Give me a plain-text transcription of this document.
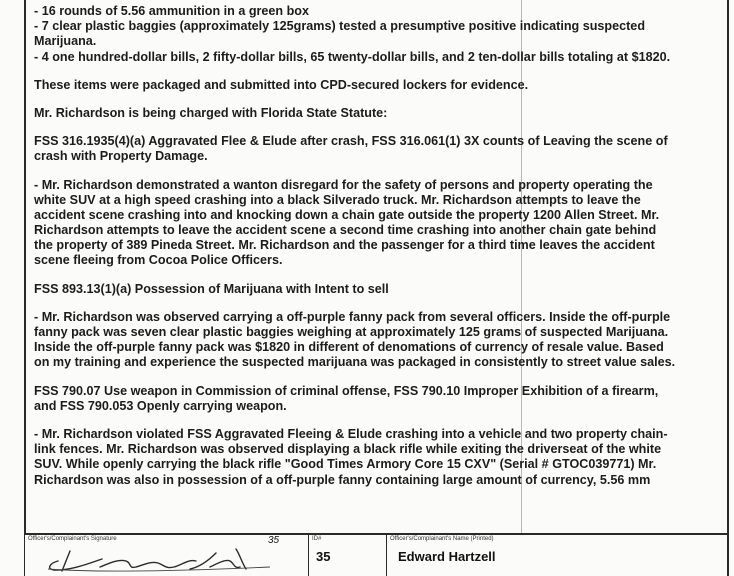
- 16 rounds of 5.56 ammunition in a green box
- 7 clear plastic baggies (approximately 125grams) tested a presumptive positive indicating suspected
Marijuana.
- 4 one hundred-dollar bills, 2 fifty-dollar bills, 65 twenty-dollar bills, and 2 ten-dollar bills totaling at $1820.
These items were packaged and submitted into CPD-secured lockers for evidence.
Mr. Richardson is being charged with Florida State Statute:
FSS 316.1935(4)(a) Aggravated Flee & Elude after crash, FSS 316.061(1) 3X counts of Leaving the scene of
crash with Property Damage.
- Mr. Richardson demonstrated a wanton disregard for the safety of persons and property operating the
white SUV at a high speed crashing into a black Silverado truck. Mr. Richardson attempts to leave the
accident scene crashing into and knocking down a chain gate outside the property 1200 Allen Street. Mr.
Richardson attempts to leave the accident scene a second time crashing into another chain gate behind
the property of 389 Pineda Street. Mr. Richardson and the passenger for a third time leaves the accident
scene fleeing from Cocoa Police Officers.
FSS 893.13(1)(a) Possession of Marijuana with Intent to sell
- Mr. Richardson was observed carrying a off-purple fanny pack from several officers. Inside the off-purple
fanny pack was seven clear plastic baggies weighing at approximately 125 grams of suspected Marijuana.
Inside the off-purple fanny pack was $1820 in different of denomations of currency of resale value. Based
on my training and experience the suspected marijuana was packaged in consistently to street value sales.
FSS 790.07 Use weapon in Commission of criminal offense, FSS 790.10 Improper Exhibition of a firearm,
and FSS 790.053 Openly carrying weapon.
- Mr. Richardson violated FSS Aggravated Fleeing & Elude crashing into a vehicle and two property chain-
link fences. Mr. Richardson was observed displaying a black rifle while exiting the driverseat of the white
SUV. While openly carrying the black rifle "Good Times Armory Core 15 CXV" (Serial # GTOC039771) Mr.
Richardson was also in possession of a off-purple fanny containing large amount of currency, 5.56 mm
Officer's/Complainant's Signature	35	ID#
35
Officer's/Complainant's Name (Printed)
Edward Hartzell
